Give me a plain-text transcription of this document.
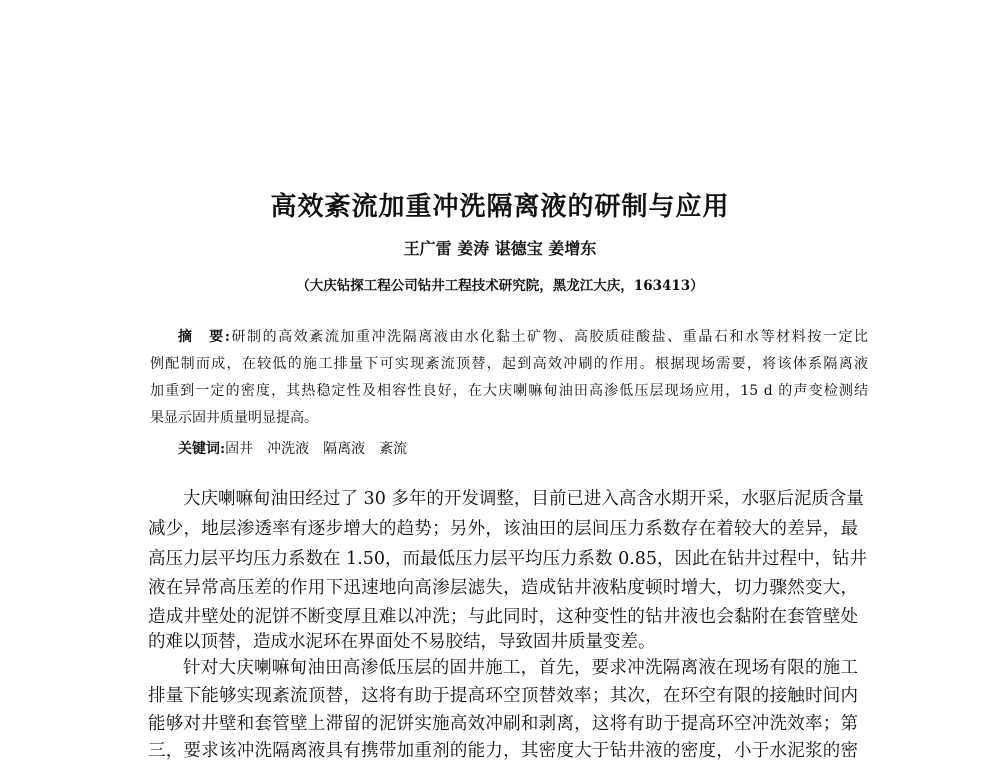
高效紊流加重冲洗隔离液的研制与应用
王广雷 姜涛 谌德宝 姜增东
（大庆钻探工程公司钻井工程技术研究院，黑龙江大庆，163413）
摘　要:研制的高效紊流加重冲洗隔离液由水化黏土矿物、高胶质硅酸盐、重晶石和水等材料按一定比
例配制而成，在较低的施工排量下可实现紊流顶替，起到高效冲刷的作用。根据现场需要，将该体系隔离液
加重到一定的密度，其热稳定性及相容性良好，在大庆喇嘛甸油田高渗低压层现场应用，15 d 的声变检测结
果显示固井质量明显提高。
关键词:固井　冲洗液　隔离液　紊流
大庆喇嘛甸油田经过了 30 多年的开发调整，目前已进入高含水期开采，水驱后泥质含量
减少，地层渗透率有逐步增大的趋势；另外，该油田的层间压力系数存在着较大的差异，最
高压力层平均压力系数在 1.50，而最低压力层平均压力系数 0.85，因此在钻井过程中，钻井
液在异常高压差的作用下迅速地向高渗层滤失，造成钻井液粘度顿时增大，切力骤然变大，
造成井壁处的泥饼不断变厚且难以冲洗；与此同时，这种变性的钻井液也会黏附在套管壁处
的难以顶替，造成水泥环在界面处不易胶结，导致固井质量变差。
针对大庆喇嘛甸油田高渗低压层的固井施工，首先，要求冲洗隔离液在现场有限的施工
排量下能够实现紊流顶替，这将有助于提高环空顶替效率；其次，在环空有限的接触时间内
能够对井壁和套管壁上滞留的泥饼实施高效冲刷和剥离，这将有助于提高环空冲洗效率；第
三，要求该冲洗隔离液具有携带加重剂的能力，其密度大于钻井液的密度，小于水泥浆的密
